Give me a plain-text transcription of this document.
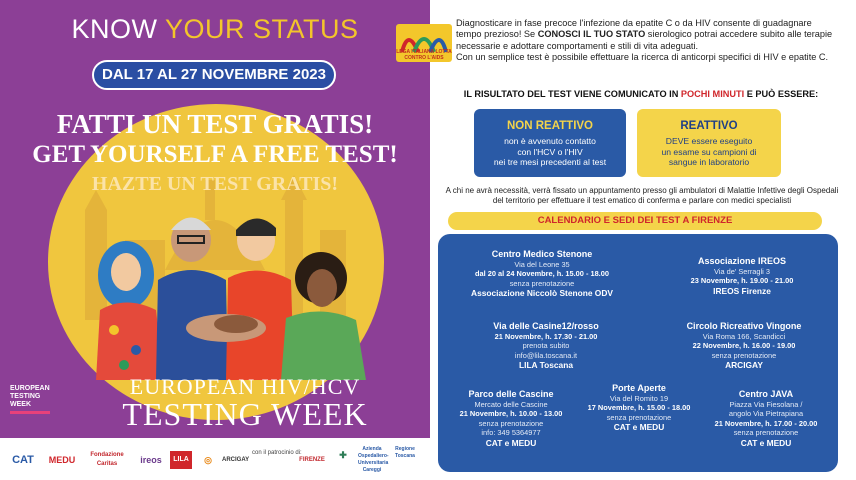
KNOW YOUR STATUS
DAL 17 AL 27 NOVEMBRE 2023
FATTI UN TEST GRATIS!
GET YOURSELF A FREE TEST!
HAZTE UN TEST GRATIS!
EUROPEAN
TESTING
WEEK
EUROPEAN HIV/HCV
TESTING WEEK
CAT	MEDU	Fondazione Caritas	ireos	LILA	◎	ARCIGAY
con il patrocinio di:
FIRENZE	✚
Azienda Ospedaliero-Universitaria Careggi
Regione Toscana
LEGA ITALIANA LOTTA CONTRO L'AIDS
Diagnosticare in fase precoce l'infezione da epatite C o da HIV consente di guadagnare tempo prezioso! Se CONOSCI IL TUO STATO sierologico potrai accedere subito alle terapie necessarie e adottare comportamenti e stili di vita adeguati.
Con un semplice test è possibile effettuare la ricerca di anticorpi specifici di HIV e epatite C.
IL RISULTATO DEL TEST VIENE COMUNICATO IN POCHI MINUTI E PUÒ ESSERE:
NON REATTIVO
non è avvenuto contatto
con l'HCV o l'HIV
nei tre mesi precedenti al test
REATTIVO
DEVE essere eseguito
un esame su campioni di
sangue in laboratorio
A chi ne avrà necessità, verrà fissato un appuntamento presso gli ambulatori di Malattie Infettive degli Ospedali
del territorio per effettuare il test ematico di conferma e parlare con medici specialisti
CALENDARIO E SEDI DEI TEST A FIRENZE
Centro Medico Stenone
Via del Leone 35
dal 20 al 24 Novembre, h. 15.00 - 18.00
senza prenotazione
Associazione Niccolò Stenone ODV
Associazione IREOS
Via de' Serragli 3
23 Novembre, h. 19.00 - 21.00
IREOS Firenze
Via delle Casine12/rosso
21 Novembre, h. 17.30 - 21.00
prenota subito
info@lila.toscana.it
LILA Toscana
Circolo Ricreativo Vingone
Via Roma 166, Scandicci
22 Novembre, h. 16.00 - 19.00
senza prenotazione
ARCIGAY
Parco delle Cascine
Mercato delle Cascine
21 Novembre, h. 10.00 - 13.00
senza prenotazione
info: 349 5364977
CAT e MEDU
Porte Aperte
Via del Romito 19
17 Novembre, h. 15.00 - 18.00
senza prenotazione
CAT e MEDU
Centro JAVA
Piazza Via Fiesolana /
angolo Via Pietrapiana
21 Novembre, h. 17.00 - 20.00
senza prenotazione
CAT e MEDU
